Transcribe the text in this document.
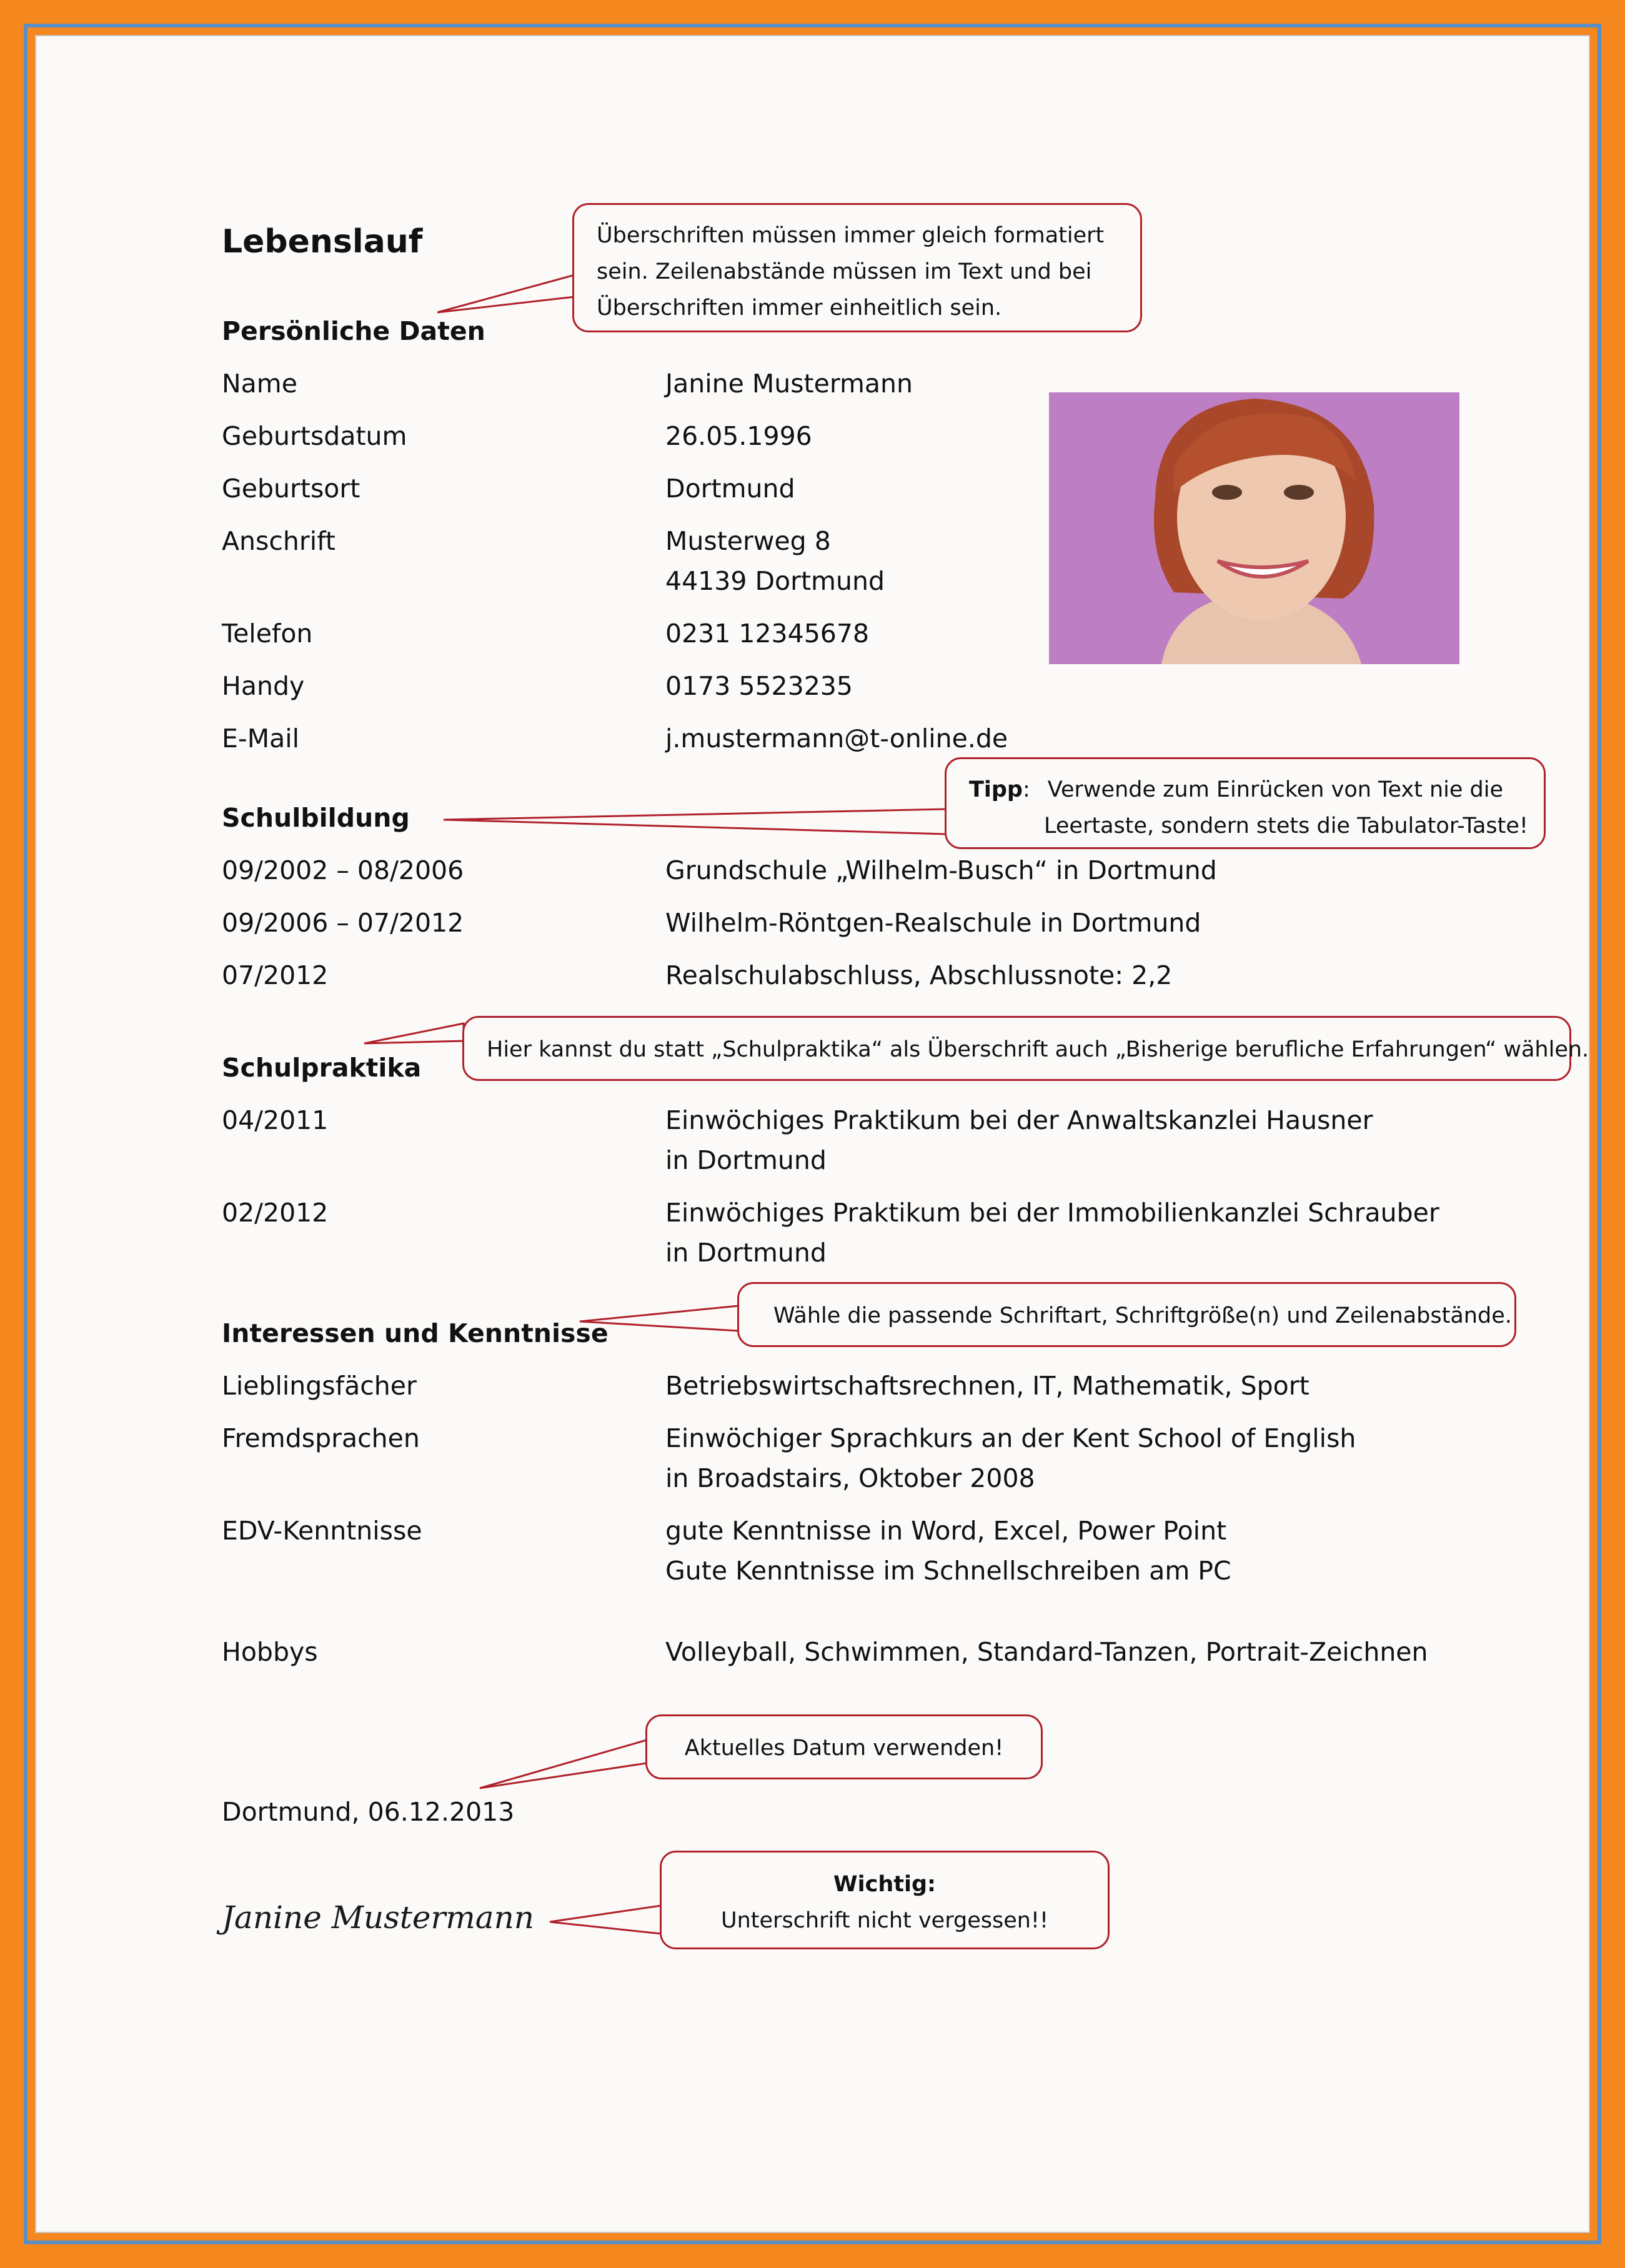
Lebenslauf
Persönliche Daten
Name	Janine Mustermann
Geburtsdatum	26.05.1996
Geburtsort	Dortmund
Anschrift	Musterweg 8
44139 Dortmund
Telefon	0231 12345678
Handy	0173 5523235
E-Mail	j.mustermann@t-online.de
Schulbildung
09/2002 – 08/2006	Grundschule „Wilhelm-Busch“ in Dortmund
09/2006 – 07/2012	Wilhelm-Röntgen-Realschule in Dortmund
07/2012	Realschulabschluss, Abschlussnote: 2,2
Schulpraktika
04/2011	Einwöchiges Praktikum bei der Anwaltskanzlei Hausner
in Dortmund
02/2012	Einwöchiges Praktikum bei der Immobilienkanzlei Schrauber
in Dortmund
Interessen und Kenntnisse
Lieblingsfächer	Betriebswirtschaftsrechnen, IT, Mathematik, Sport
Fremdsprachen	Einwöchiger Sprachkurs an der Kent School of English
in Broadstairs, Oktober 2008
EDV-Kenntnisse	gute Kenntnisse in Word, Excel, Power Point
Gute Kenntnisse im Schnellschreiben am PC
Hobbys	Volleyball, Schwimmen, Standard-Tanzen, Portrait-Zeichnen
Dortmund, 06.12.2013
Janine Mustermann
Überschriften müssen immer gleich formatiert
sein. Zeilenabstände müssen im Text und bei
Überschriften immer einheitlich sein.
Tipp: Verwende zum Einrücken von Text nie die
Leertaste, sondern stets die Tabulator-Taste!
Hier kannst du statt „Schulpraktika“ als Überschrift auch „Bisherige berufliche Erfahrungen“ wählen.
Wähle die passende Schriftart, Schriftgröße(n) und Zeilenabstände.
Aktuelles Datum verwenden!
Wichtig:
Unterschrift nicht vergessen!!
